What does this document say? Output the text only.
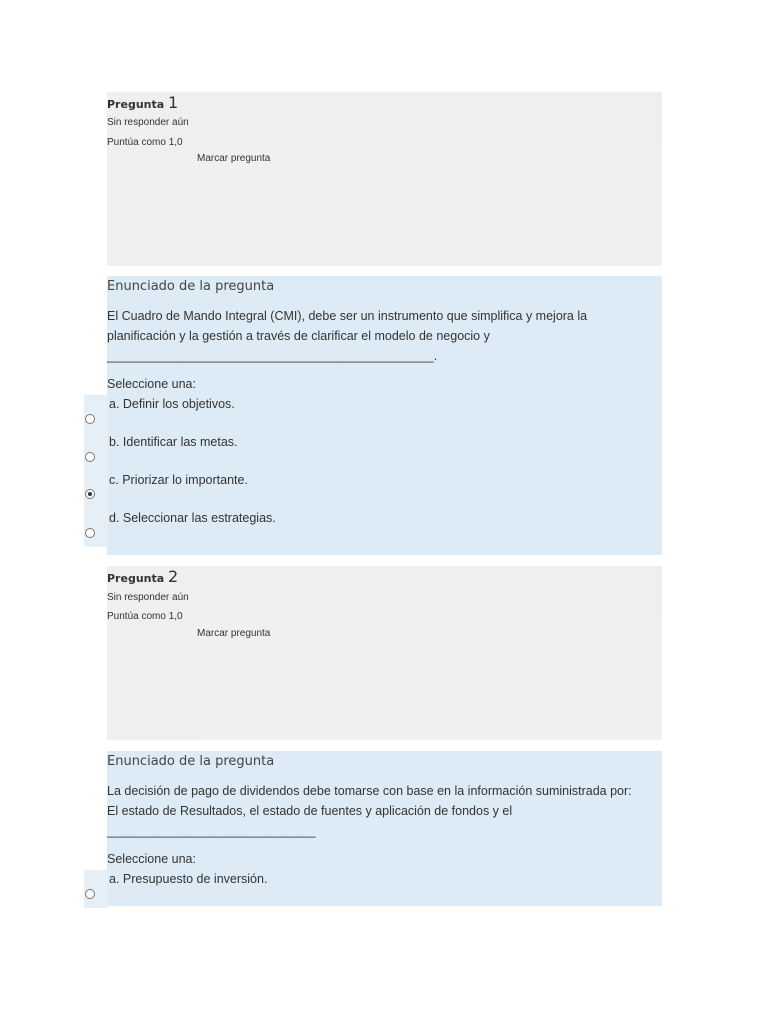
Pregunta 1
Sin responder aún
Puntúa como 1,0
Marcar pregunta
Enunciado de la pregunta
El Cuadro de Mando Integral (CMI), debe ser un instrumento que simplifica y mejora la
planificación y la gestión a través de clarificar el modelo de negocio y
_______________________________________________.
Seleccione una:
a. Definir los objetivos.
b. Identificar las metas.
c. Priorizar lo importante.
d. Seleccionar las estrategias.
Pregunta 2
Sin responder aún
Puntúa como 1,0
Marcar pregunta
Enunciado de la pregunta
La decisión de pago de dividendos debe tomarse con base en la información suministrada por:
El estado de Resultados, el estado de fuentes y aplicación de fondos y el
______________________________
Seleccione una:
a. Presupuesto de inversión.
